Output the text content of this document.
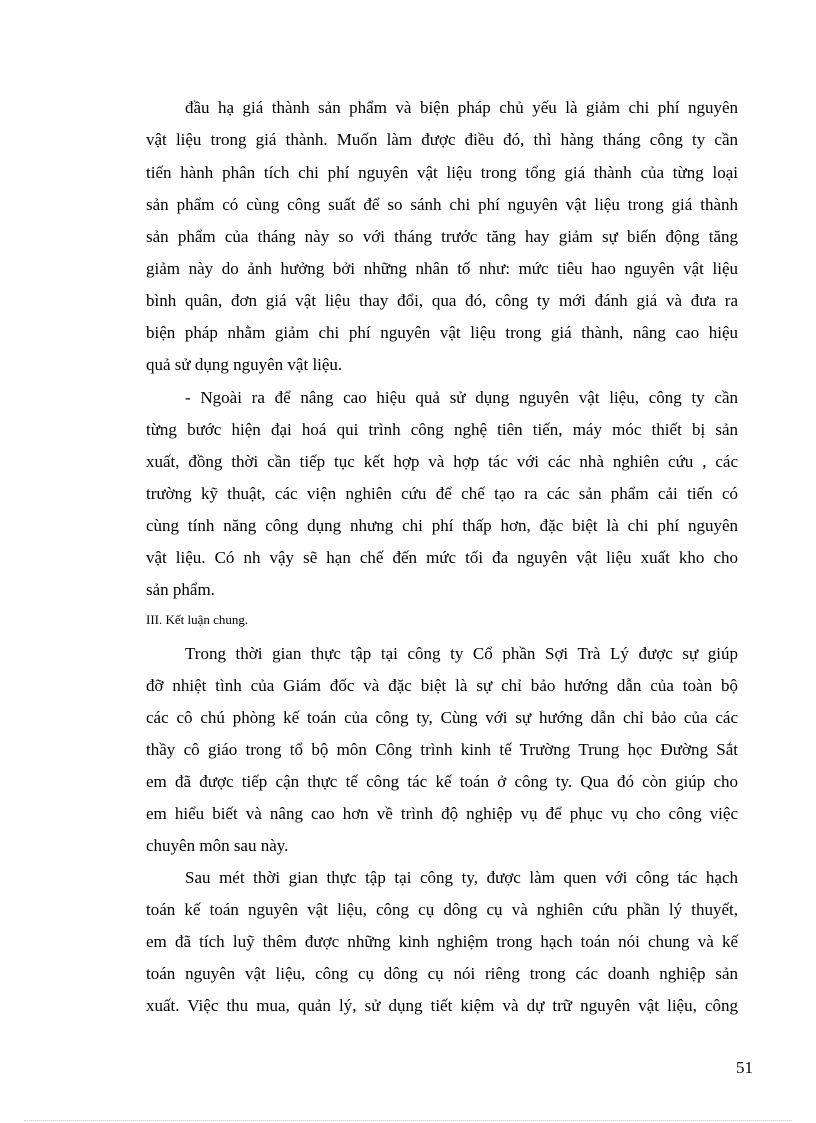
đầu hạ giá thành sản phẩm và biện pháp chủ yếu là giảm chi phí nguyên
vật liệu trong giá thành. Muốn làm được điều đó, thì hàng tháng công ty cần
tiến hành phân tích chi phí nguyên vật liệu trong tổng giá thành của từng loại
sản phẩm có cùng công suất để so sánh chi phí nguyên vật liệu trong giá thành
sản phẩm của tháng này so với tháng trước tăng hay giảm sự biến động tăng
giảm này do ảnh hưởng bởi những nhân tố như: mức tiêu hao nguyên vật liệu
bình quân, đơn giá vật liệu thay đổi, qua đó, công ty mới đánh giá và đưa ra
biện pháp nhằm giảm chi phí nguyên vật liệu trong giá thành, nâng cao hiệu
quả sử dụng nguyên vật liệu.
- Ngoài ra để nâng cao hiệu quả sử dụng nguyên vật liệu, công ty cần
từng bước hiện đại hoá qui trình công nghệ tiên tiến, máy móc thiết bị sản
xuất, đồng thời cần tiếp tục kết hợp và hợp tác với các nhà nghiên cứu , các
trường kỹ thuật, các viện nghiên cứu để chế tạo ra các sản phẩm cải tiến có
cùng tính năng công dụng nhưng chi phí thấp hơn, đặc biệt là chi phí nguyên
vật liệu. Có nh vậy sẽ hạn chế đến mức tối đa nguyên vật liệu xuất kho cho
sản phẩm.
III. Kết luận chung.
Trong thời gian thực tập tại công ty Cổ phần Sợi Trà Lý được sự giúp
đỡ nhiệt tình của Giám đốc và đặc biệt là sự chỉ bảo hướng dẫn của toàn bộ
các cô chú phòng kế toán của công ty, Cùng với sự hướng dẫn chỉ bảo của các
thầy cô giáo trong tổ bộ môn Công trình kinh tế Trường Trung học Đường Sắt
em đã được tiếp cận thực tế công tác kế toán ở công ty. Qua đó còn giúp cho
em hiểu biết và nâng cao hơn về trình độ nghiệp vụ để phục vụ cho công việc
chuyên môn sau này.
Sau mét thời gian thực tập tại công ty, được làm quen với công tác hạch
toán kế toán nguyên vật liệu, công cụ dông cụ và nghiên cứu phần lý thuyết,
em đã tích luỹ thêm được những kinh nghiệm trong hạch toán nói chung và kế
toán nguyên vật liệu, công cụ dông cụ nói riêng trong các doanh nghiệp sản
xuất. Việc thu mua, quản lý, sử dụng tiết kiệm và dự trữ nguyên vật liệu, công
51
